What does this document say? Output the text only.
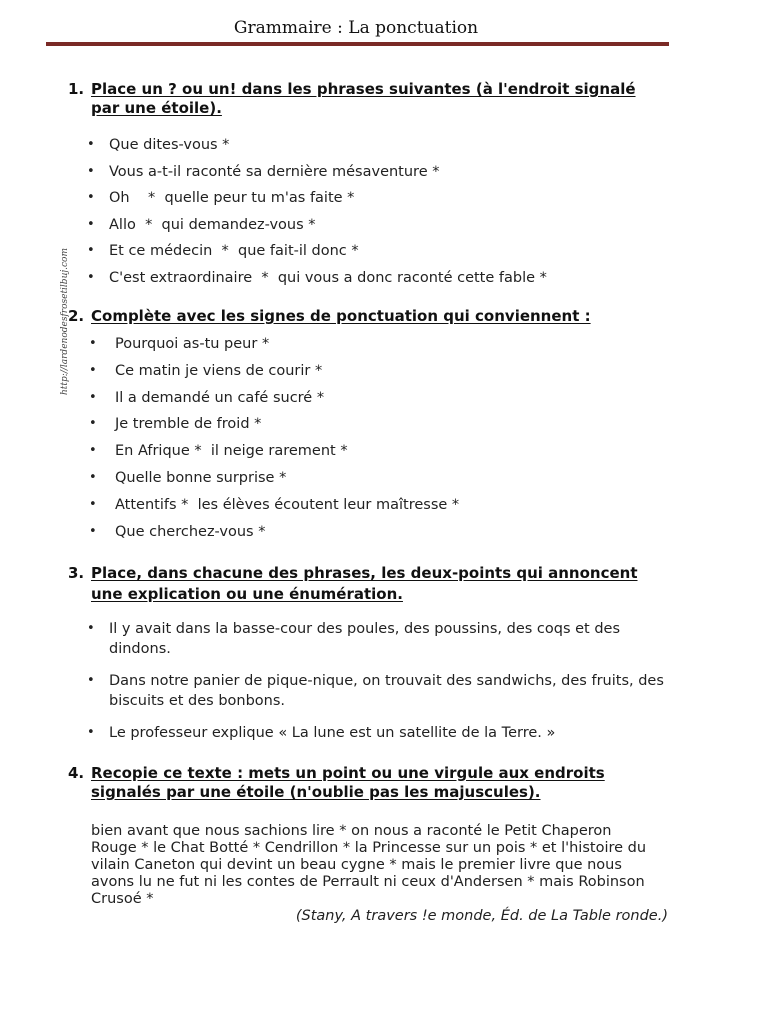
Grammaire : La ponctuation
http://lardenodesfrosetilbuj.com
1. Place un ? ou un! dans les phrases suivantes (à l'endroit signalé par une étoile).
• Que dites-vous *
• Vous a-t-il raconté sa dernière mésaventure *
• Oh    *  quelle peur tu m'as faite *
• Allo  *  qui demandez-vous *
• Et ce médecin  *  que fait-il donc *
• C'est extraordinaire  *  qui vous a donc raconté cette fable *
2. Complète avec les signes de ponctuation qui conviennent :
• Pourquoi as-tu peur *
• Ce matin je viens de courir *
• Il a demandé un café sucré *
• Je tremble de froid *
• En Afrique *  il neige rarement *
• Quelle bonne surprise *
• Attentifs *  les élèves écoutent leur maîtresse *
• Que cherchez-vous *
3. Place, dans chacune des phrases, les deux-points qui annoncent une explication ou une énumération.
• Il y avait dans la basse-cour des poules, des poussins, des coqs et des dindons.
• Dans notre panier de pique-nique, on trouvait des sandwichs, des fruits, des biscuits et des bonbons.
• Le professeur explique « La lune est un satellite de la Terre. »
4. Recopie ce texte : mets un point ou une virgule aux endroits signalés par une étoile (n'oublie pas les majuscules).
bien avant que nous sachions lire * on nous a raconté le Petit Chaperon Rouge * le Chat Botté * Cendrillon * la Princesse sur un pois * et l'histoire du vilain Caneton qui devint un beau cygne * mais le premier livre que nous avons lu ne fut ni les contes de Perrault ni ceux d'Andersen * mais Robinson Crusoé *
(Stany, A travers !e monde, Éd. de La Table ronde.)
